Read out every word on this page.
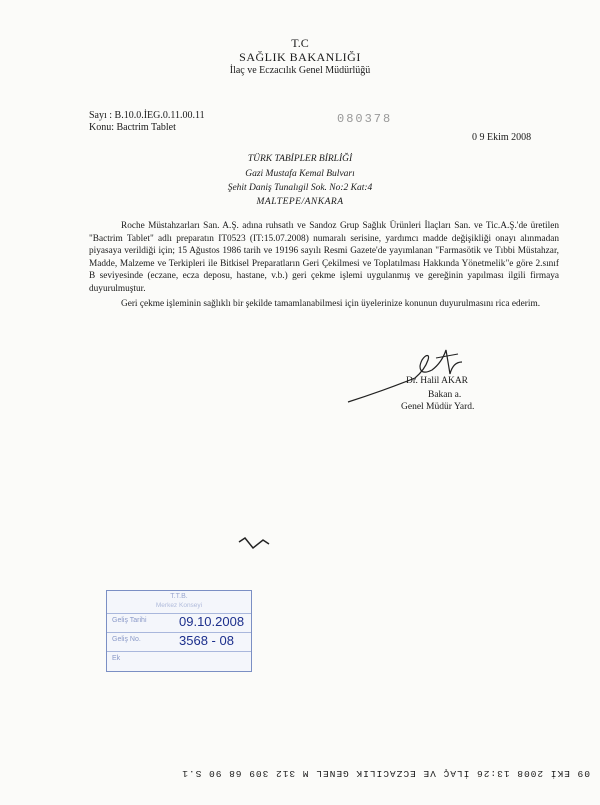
T.C
SAĞLIK BAKANLIĞI
İlaç ve Eczacılık Genel Müdürlüğü
Sayı : B.10.0.İEG.0.11.00.11
Konu: Bactrim Tablet
080378
0 9 Ekim 2008
TÜRK TABİPLER BİRLİĞİ
Gazi Mustafa Kemal Bulvarı
Şehit Daniş Tunalıgil Sok. No:2 Kat:4
MALTEPE/ANKARA
Roche Müstahzarları San. A.Ş. adına ruhsatlı ve Sandoz Grup Sağlık Ürünleri İlaçları San. ve Tic.A.Ş.'de üretilen "Bactrim Tablet" adlı preparatın IT0523 (IT:15.07.2008) numaralı serisine, yardımcı madde değişikliği onayı alınmadan piyasaya verildiği için; 15 Ağustos 1986 tarih ve 19196 sayılı Resmi Gazete'de yayımlanan "Farmasötik ve Tıbbi Müstahzar, Madde, Malzeme ve Terkipleri ile Bitkisel Preparatların Geri Çekilmesi ve Toplatılması Hakkında Yönetmelik"e göre 2.sınıf B seviyesinde (eczane, ecza deposu, hastane, v.b.) geri çekme işlemi uygulanmış ve gereğinin yapılması ilgili firmaya duyurulmuştur.
Geri çekme işleminin sağlıklı bir şekilde tamamlanabilmesi için üyelerinize konunun duyurulmasını rica ederim.
Dr. Halil AKAR
Bakan a.
Genel Müdür Yard.
T.T.B.
Merkez Konseyi
Geliş Tarihi	09.10.2008
Geliş No.	3568 - 08
Ek
09 EKİ 2008 13:26 İLAÇ VE ECZACILIK GENEL M 312 309 68 90 S.1
